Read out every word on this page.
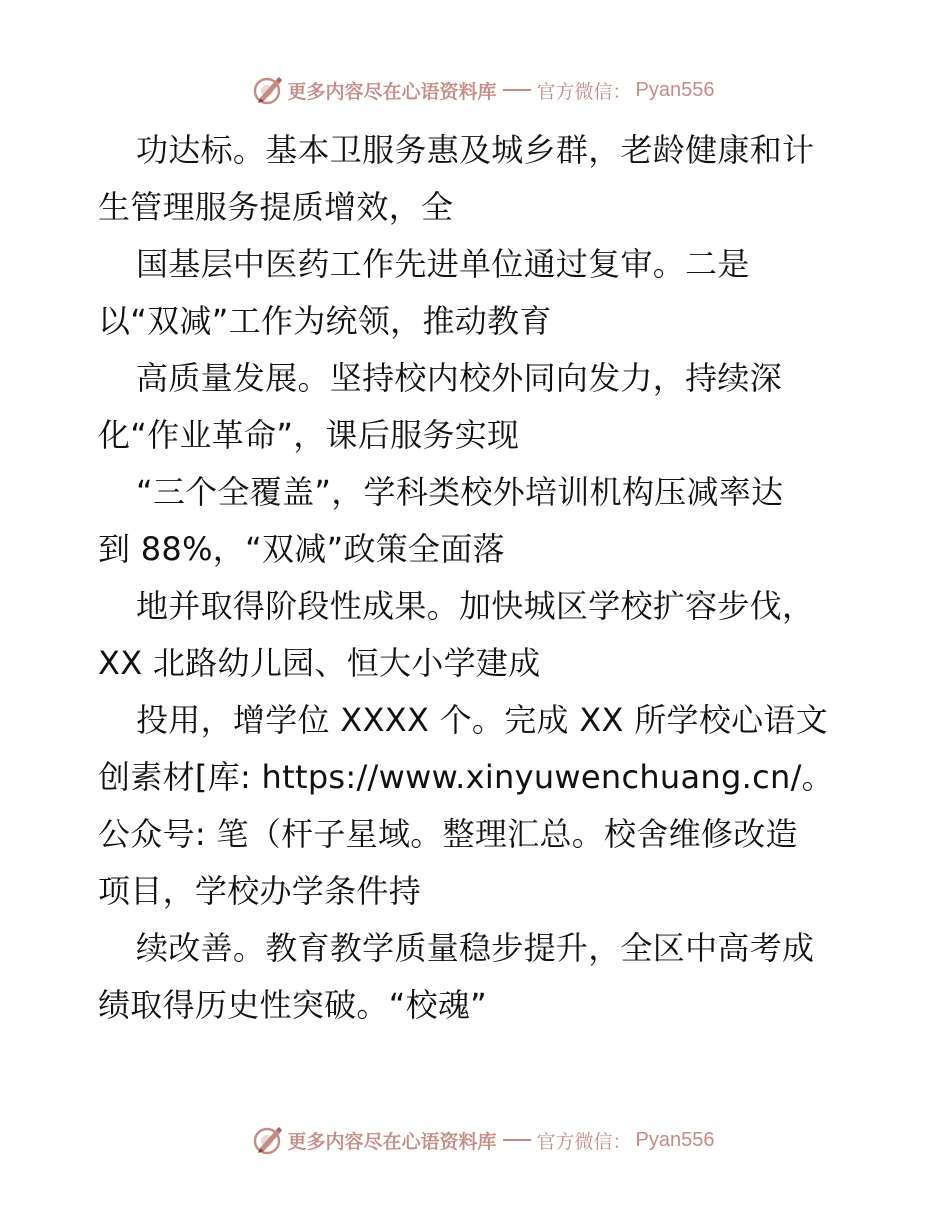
更多内容尽在心语资料库 官方微信： Pyan556
功达标。基本卫服务惠及城乡群，老龄健康和计
生管理服务提质增效，全
国基层中医药工作先进单位通过复审。二是
以“双减”工作为统领，推动教育
高质量发展。坚持校内校外同向发力，持续深
化“作业革命”，课后服务实现
“三个全覆盖”，学科类校外培训机构压减率达
到 88%，“双减”政策全面落
地并取得阶段性成果。加快城区学校扩容步伐，
XX 北路幼儿园、恒大小学建成
投用，增学位 XXXX 个。完成 XX 所学校心语文
创素材[库: https://www.xinyuwenchuang.cn/。
公众号: 笔（杆子星域。整理汇总。校舍维修改造
项目，学校办学条件持
续改善。教育教学质量稳步提升，全区中高考成
绩取得历史性突破。“校魂”
更多内容尽在心语资料库 官方微信： Pyan556
